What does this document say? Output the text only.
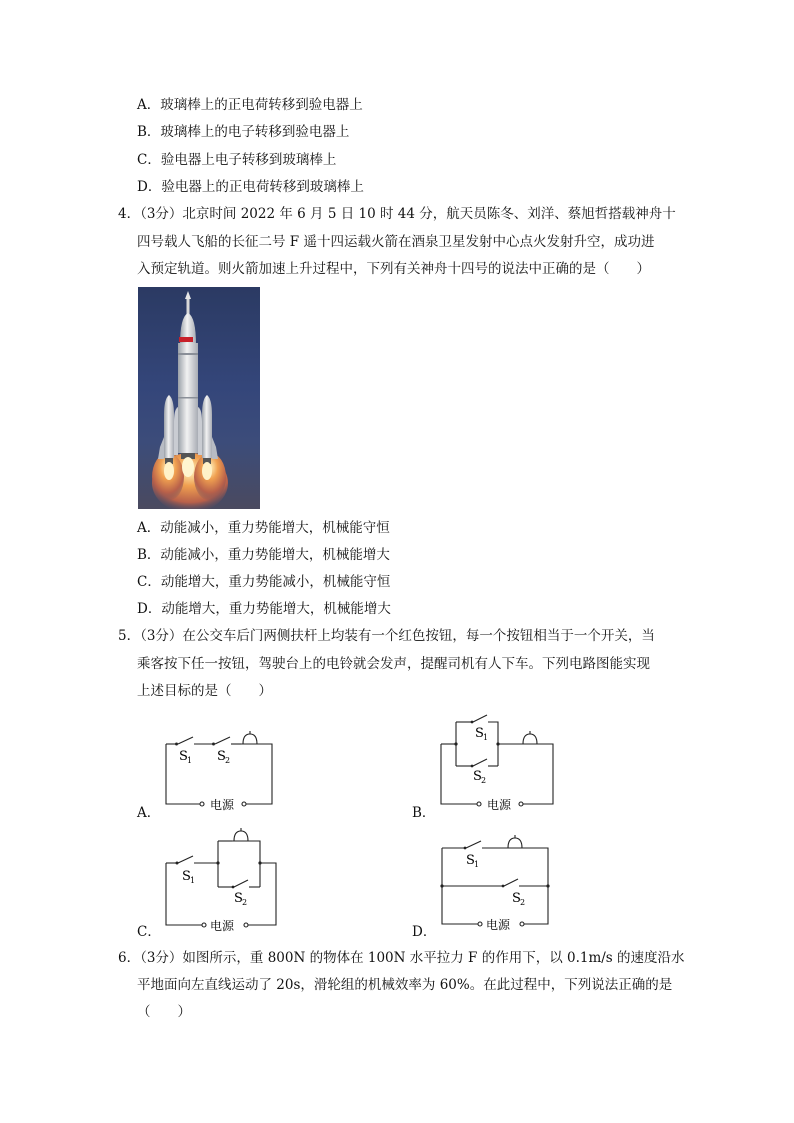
A．玻璃棒上的正电荷转移到验电器上
B．玻璃棒上的电子转移到验电器上
C．验电器上电子转移到玻璃棒上
D．验电器上的正电荷转移到玻璃棒上
4．（3分）北京时间 2022 年 6 月 5 日 10 时 44 分，航天员陈冬、刘洋、蔡旭哲搭载神舟十
四号载人飞船的长征二号 F 遥十四运载火箭在酒泉卫星发射中心点火发射升空，成功进
入预定轨道。则火箭加速上升过程中，下列有关神舟十四号的说法中正确的是（　　）
A．动能减小，重力势能增大，机械能守恒
B．动能减小，重力势能增大，机械能增大
C．动能增大，重力势能减小，机械能守恒
D．动能增大，重力势能增大，机械能增大
5．（3分）在公交车后门两侧扶杆上均装有一个红色按钮，每一个按钮相当于一个开关，当
乘客按下任一按钮，驾驶台上的电铃就会发声，提醒司机有人下车。下列电路图能实现
上述目标的是（　　）
A．
S 1 S 2
电源	B．
S 1
S 2
电源
C．
S 1
S 2
电源	D．
S 1
S 2
电源
6．（3分）如图所示，重 800N 的物体在 100N 水平拉力 F 的作用下，以 0.1m/s 的速度沿水
平地面向左直线运动了 20s，滑轮组的机械效率为 60%。在此过程中，下列说法正确的是
（　　）
